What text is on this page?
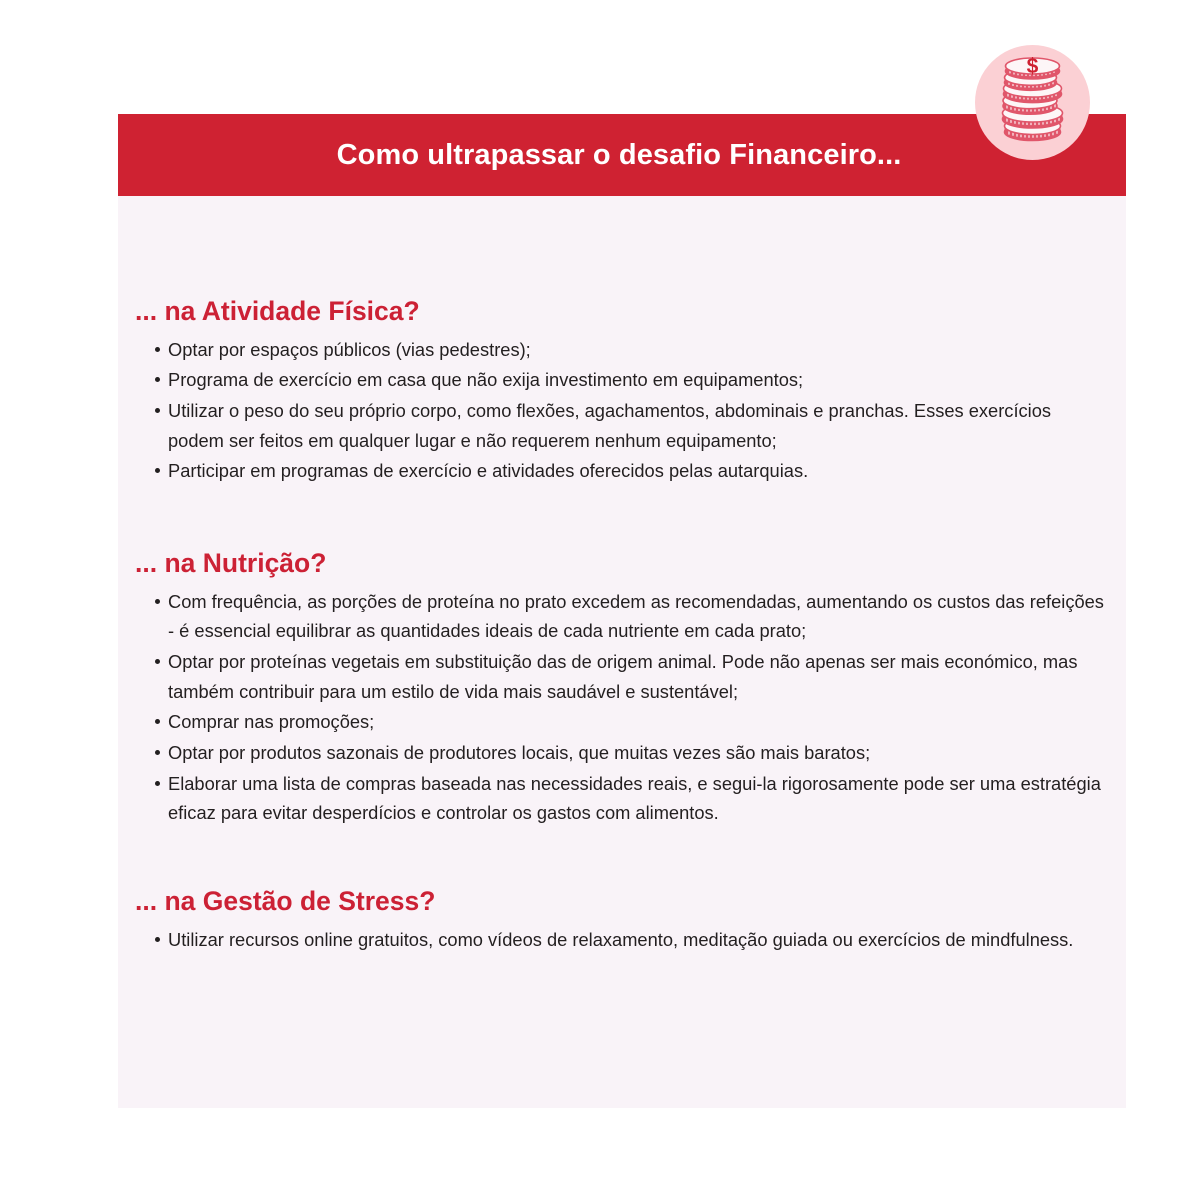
Como ultrapassar o desafio Financeiro...
... na Atividade Física?
Optar por espaços públicos (vias pedestres);
Programa de exercício em casa que não exija investimento em equipamentos;
Utilizar o peso do seu próprio corpo, como flexões, agachamentos, abdominais e pranchas. Esses exercícios podem ser feitos em qualquer lugar e não requerem nenhum equipamento;
Participar em programas de exercício e atividades oferecidos pelas autarquias.
... na Nutrição?
Com frequência, as porções de proteína no prato excedem as recomendadas, aumentando os custos das refeições - é essencial equilibrar as quantidades ideais de cada nutriente em cada prato;
Optar por proteínas vegetais em substituição das de origem animal. Pode não apenas ser mais económico, mas também contribuir para um estilo de vida mais saudável e sustentável;
Comprar nas promoções;
Optar por produtos sazonais de produtores locais, que muitas vezes são mais baratos;
Elaborar uma lista de compras baseada nas necessidades reais, e segui-la rigorosamente pode ser uma estratégia eficaz para evitar desperdícios e controlar os gastos com alimentos.
... na Gestão de Stress?
Utilizar recursos online gratuitos, como vídeos de relaxamento, meditação guiada ou exercícios de mindfulness.
$
